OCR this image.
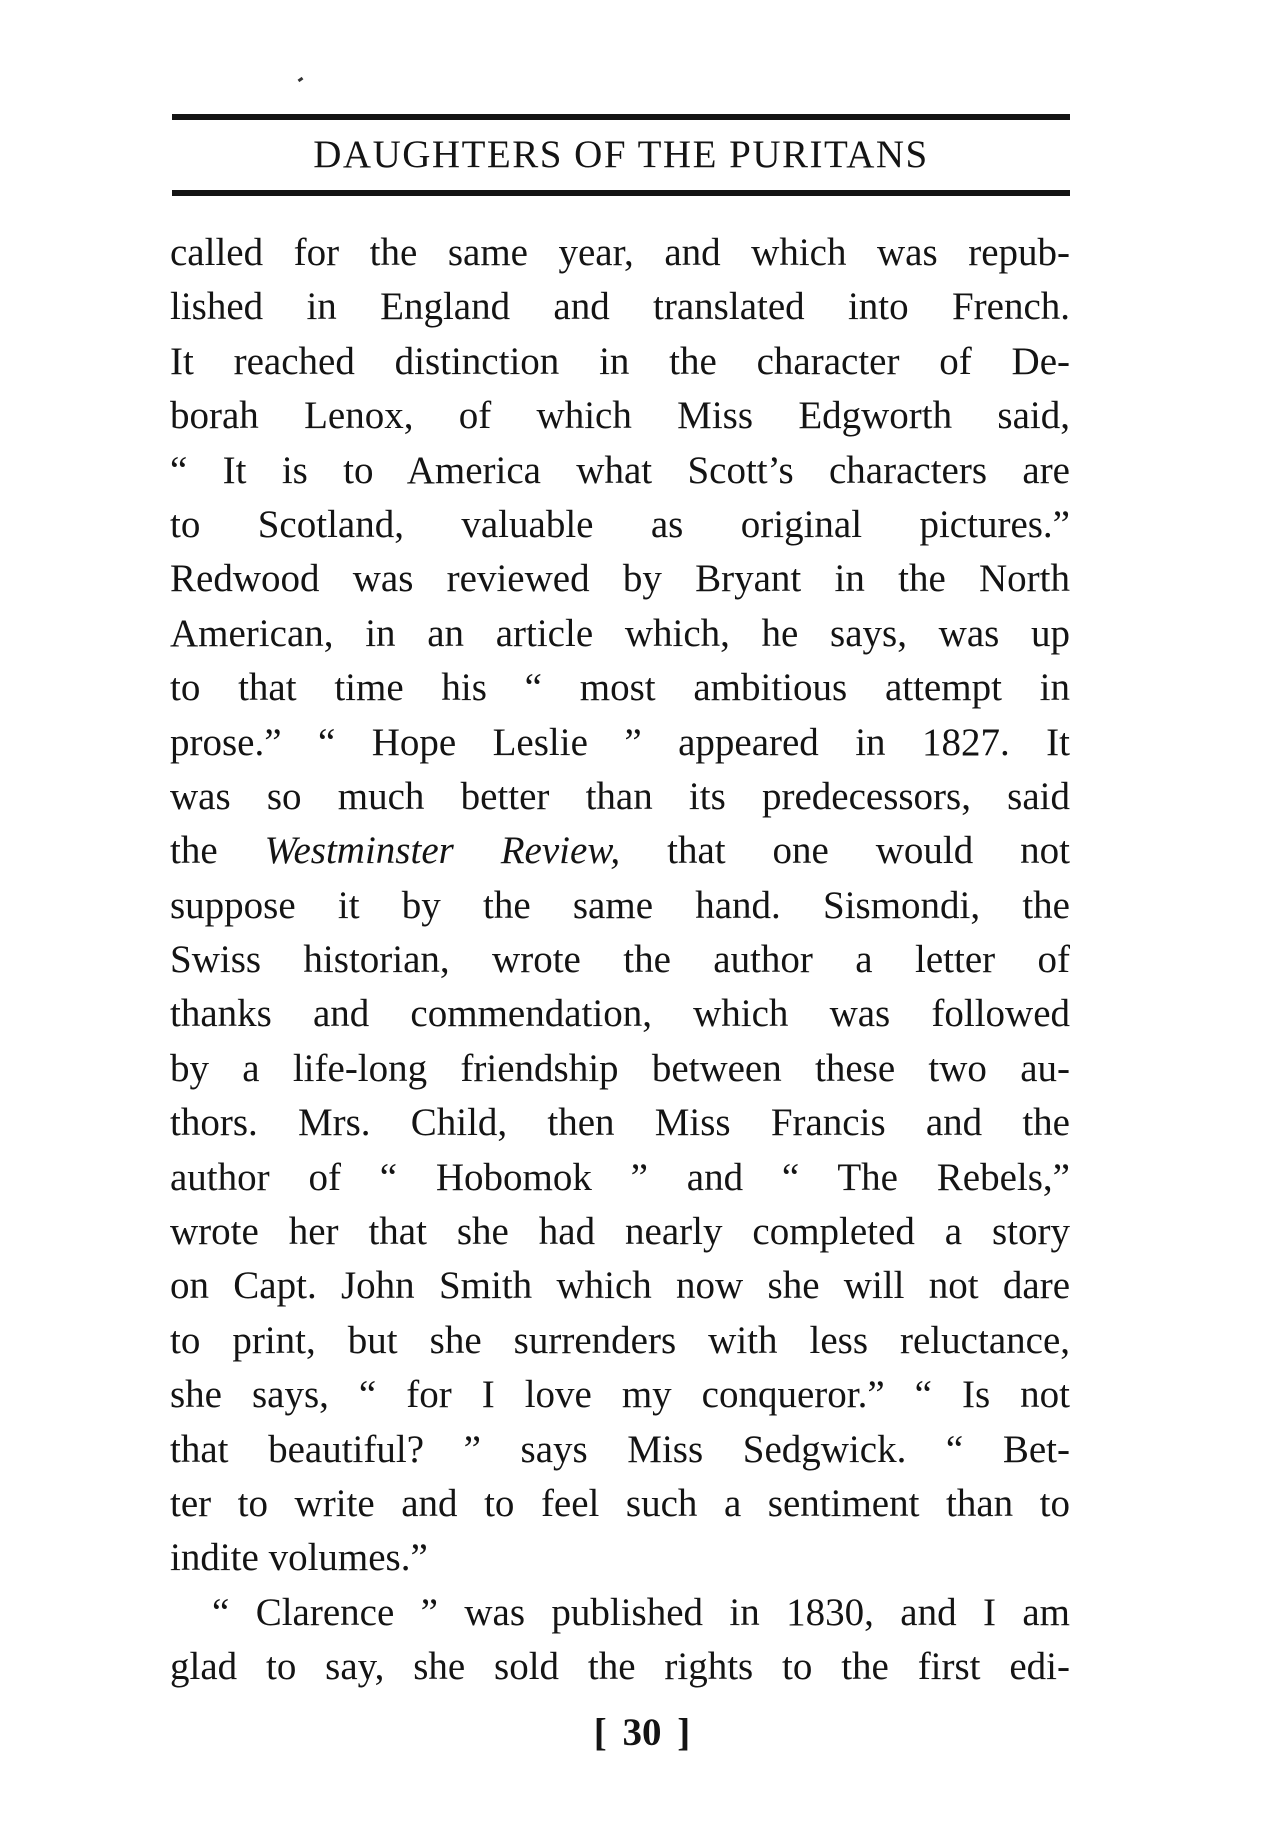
DAUGHTERS OF THE PURITANS
called for the same year, and which was repub-
lished in England and translated into French.
It reached distinction in the character of De-
borah Lenox, of which Miss Edgworth said,
“ It is to America what Scott’s characters are
to Scotland, valuable as original pictures.”
Redwood was reviewed by Bryant in the North
American, in an article which, he says, was up
to that time his “ most ambitious attempt in
prose.” “ Hope Leslie ” appeared in 1827. It
was so much better than its predecessors, said
the Westminster Review, that one would not
suppose it by the same hand. Sismondi, the
Swiss historian, wrote the author a letter of
thanks and commendation, which was followed
by a life-long friendship between these two au-
thors. Mrs. Child, then Miss Francis and the
author of “ Hobomok ” and “ The Rebels,”
wrote her that she had nearly completed a story
on Capt. John Smith which now she will not dare
to print, but she surrenders with less reluctance,
she says, “ for I love my conqueror.” “ Is not
that beautiful? ” says Miss Sedgwick. “ Bet-
ter to write and to feel such a sentiment than to
indite volumes.”
“ Clarence ” was published in 1830, and I am
glad to say, she sold the rights to the first edi-
[ 30 ]
